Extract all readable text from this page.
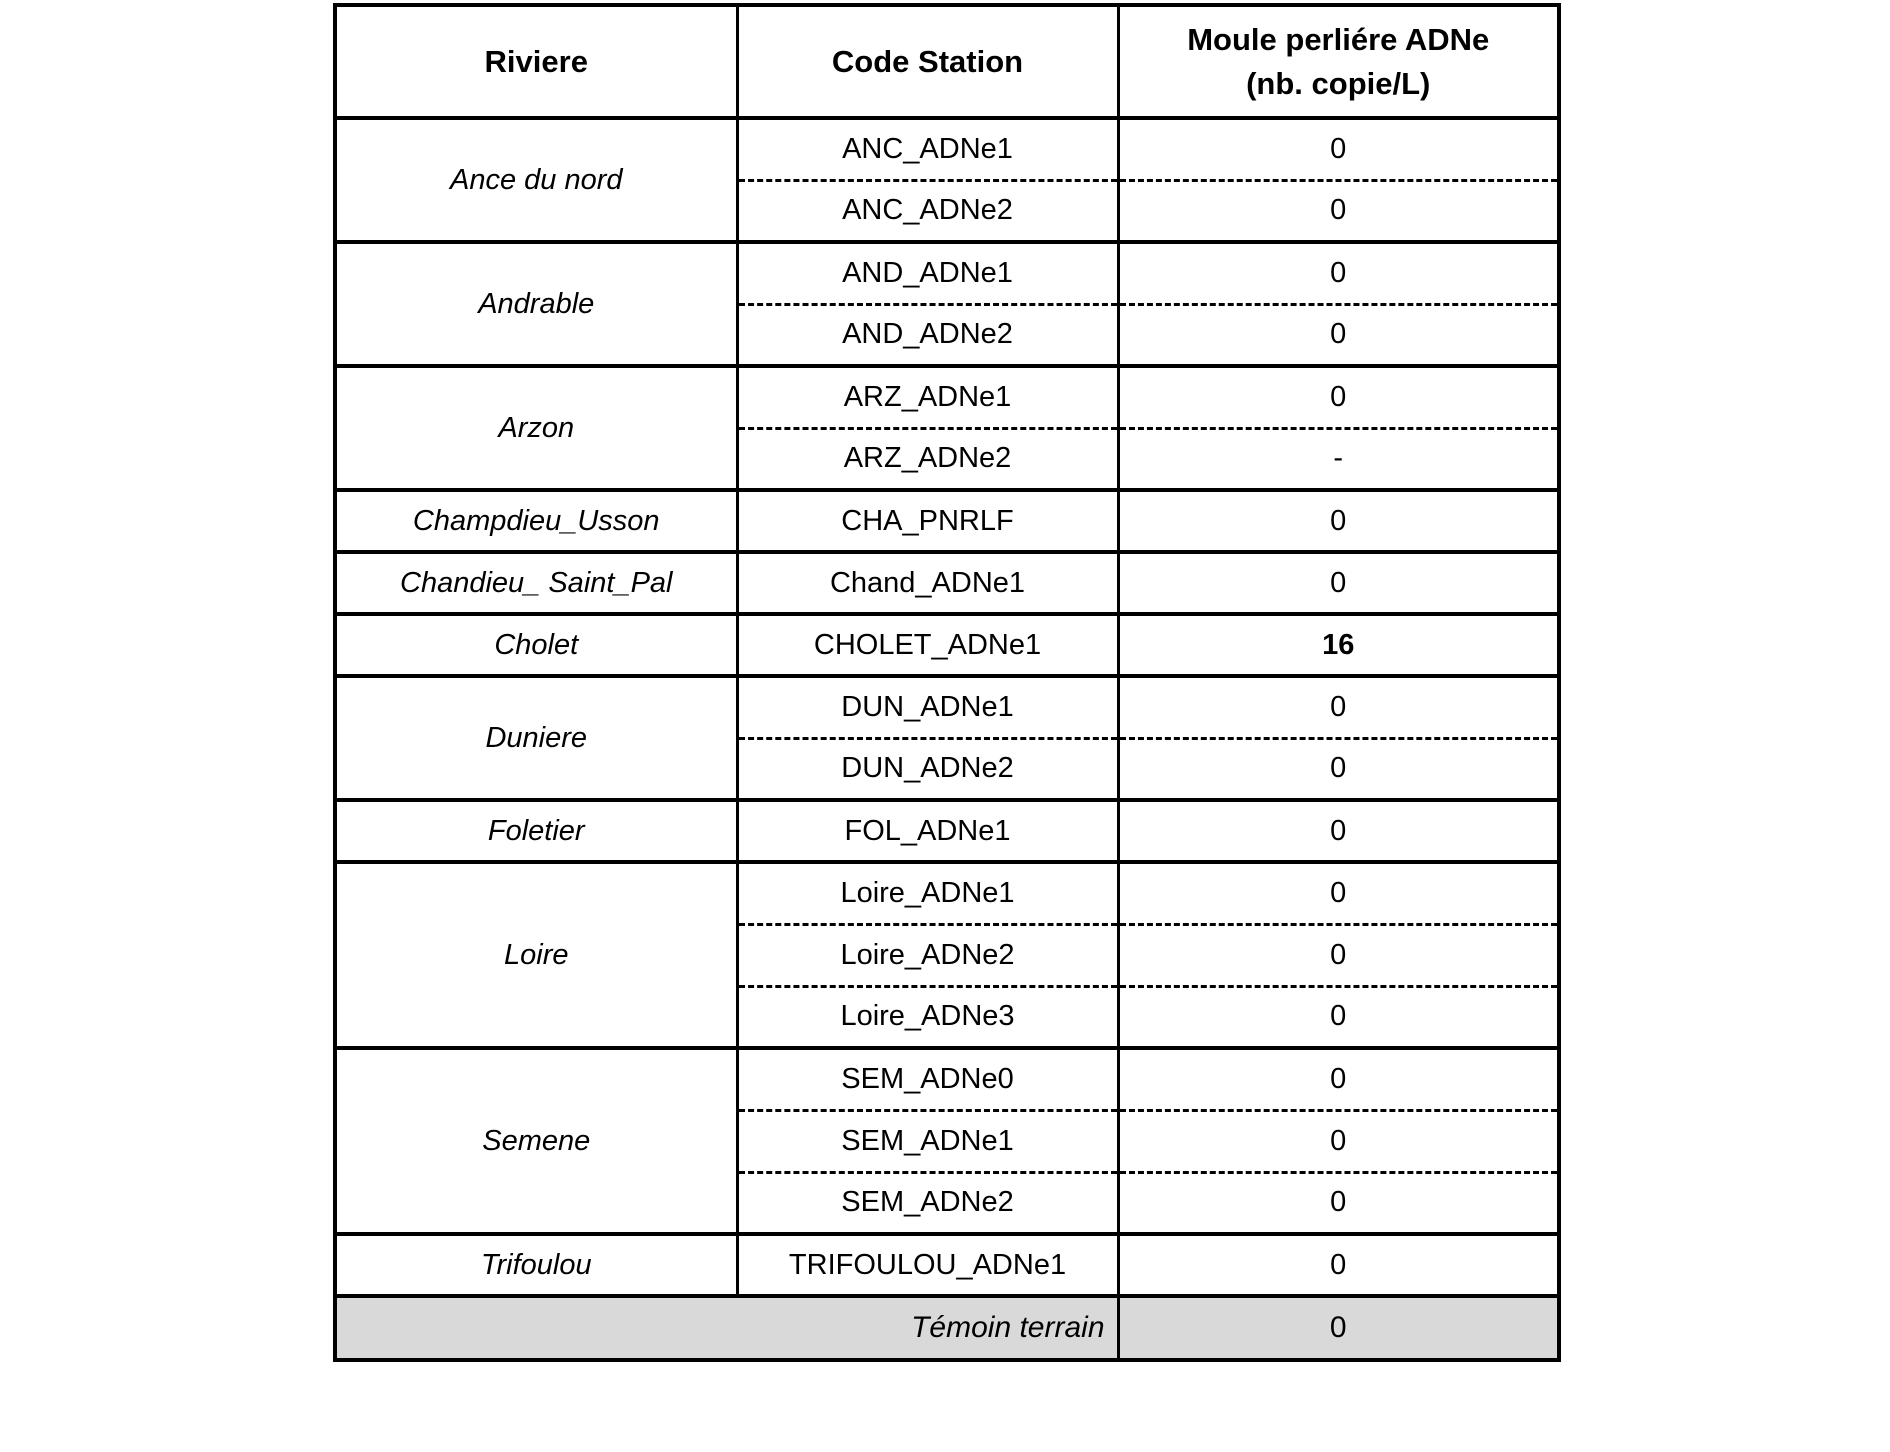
Riviere	Code Station	Moule perliére ADNe
(nb. copie/L)

Ance du nord	ANC_ADNe1	0
	ANC_ADNe2	0
Andrable	AND_ADNe1	0
	AND_ADNe2	0
Arzon	ARZ_ADNe1	0
	ARZ_ADNe2	-
Champdieu_Usson	CHA_PNRLF	0
Chandieu_ Saint_Pal	Chand_ADNe1	0
Cholet	CHOLET_ADNe1	16
Duniere	DUN_ADNe1	0
	DUN_ADNe2	0
Foletier	FOL_ADNe1	0
Loire	Loire_ADNe1	0
	Loire_ADNe2	0
	Loire_ADNe3	0
Semene	SEM_ADNe0	0
	SEM_ADNe1	0
	SEM_ADNe2	0
Trifoulou	TRIFOULOU_ADNe1	0
Témoin terrain		0
